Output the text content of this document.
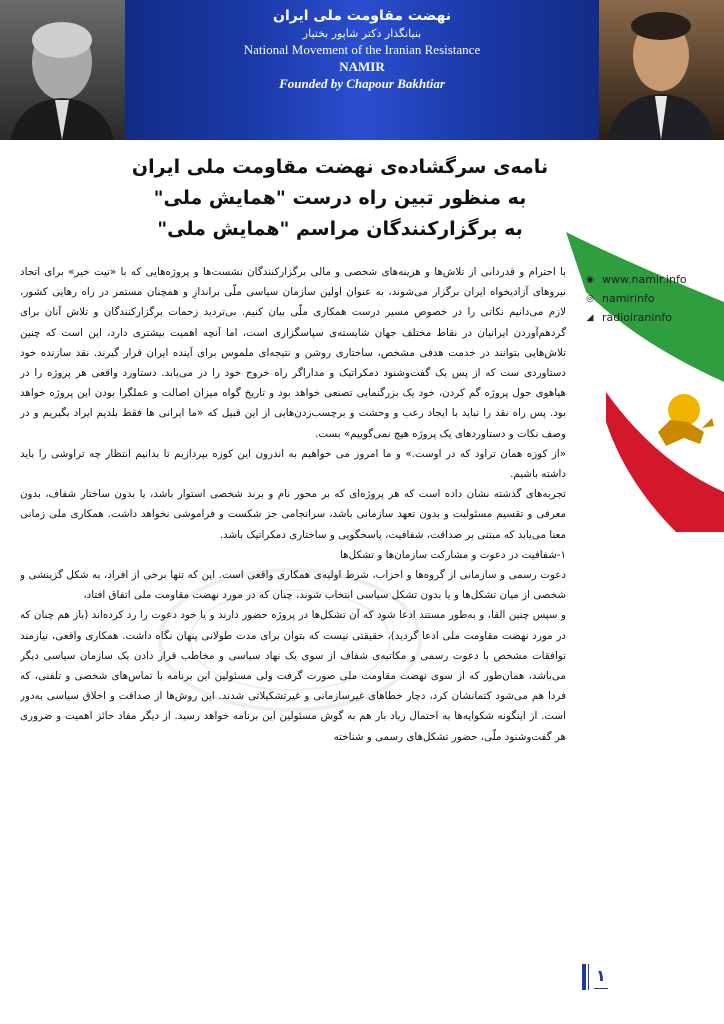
نهضت مقاومت ملی ایران
بنیانگذار دکتر شاپور بختیار
National Movement of the Iranian Resistance
NAMIR
Founded by Chapour Bakhtiar
نامه‌ی سرگشاده‌ی نهضت مقاومت ملی ایران
به منظور تبین راه درست "همایش ملی"
به برگزارکنندگان مراسم "همایش ملی"
◉ www.namir.info
◎ namirinfo
◢ radioiraninfo

با احترام و قدردانی از تلاش‌ها و هزینه‌های شخصی و مالی برگزارکنندگان نشست‌ها و پروژه‌هایی که با «نیت خیر» برای اتحاد نیروهای آزادیخواه ایران برگزار می‌شوند، به عنوان اولین سازمان سیاسی ملّی براندازِ و همچنان مستمر در راه رهایی کشور، لازم می‌دانیم نکاتی را در خصوص مسیر درست همکاری ملّی بیان کنیم. بی‌تردید زحمات برگزارکنندگان و تلاش آنان برای گردهم‌آوردن ایرانیان در نقاط مختلف جهان شایسته‌ی سپاسگزاری است، اما آنچه اهمیت بیشتری دارد، این است که چنین تلاش‌هایی بتوانند در خدمت هدفی مشخص، ساختاری روشن و نتیجه‌ای ملموس برای آینده ایران قرار گیرند. نقد سازنده خود دستاوردی ست که از پس یک گفت‌وشنود دمکراتیک و مداراگر راه خروج خود را در می‌یابد. دستاورد واقعی هر پروژه را در هیاهوی حول پروژه گم کردن، خود یک بزرگنمایی تصنعی خواهد بود و تاریخ گواه میزان اصالت و عملگرا بودن این پروژه خواهد بود. پس راه نقد را نباید با ایجاد رعب و وحشت و برچسب‌زدن‌هایی از این قبیل که «ما ایرانی ها فقط بلدیم ایراد بگیریم و در وصف نکات و دستاوردهای یک پروژه هیچ نمی‌گوییم» بست.

«از کوزه همان تراود که در اوست.» و ما امروز می خواهیم به اندرون این کوزه بپردازیم تا بدانیم انتظار چه تراوشی را باید داشته باشیم.

تجربه‌های گذشته نشان داده است که هر پروژه‌ای که بر محور نام و برند شخصی استوار باشد، یا بدون ساختار شفاف، بدون معرفی و تقسیم مسئولیت و بدون تعهد سازمانی باشد، سرانجامی جز شکست و فراموشی نخواهد داشت. همکاری ملی زمانی معنا می‌یابد که مبتنی بر صداقت، شفافیت، پاسخگویی و ساختاری دمکراتیک باشد.

۱-شفافیت در دعوت و مشارکت سازمان‌ها و تشکل‌ها

دعوت رسمی و سازمانی از گروه‌ها و احزاب، شرط اولیه‌ی همکاری واقعی است. این که تنها برخی از افراد، به شکل گزینشی و شخصی از میان تشکل‌ها و یا بدون تشکل سیاسی انتخاب شوند، چنان که در مورد نهضت مقاومت ملی اتفاق افتاد،

و سپس چنین القا، و به‌طور مستند ادعا شود که آن تشکل‌ها در پروژه حضور دارند و یا خود دعوت را رد کرده‌اند (باز هم چنان که در مورد نهضت مقاومت ملی ادعا گردید)، حقیقتی نیست که بتوان برای مدت طولانی پنهان نگاه داشت. همکاری واقعی، نیازمند توافقات مشخص با دعوت رسمی و مکاتبه‌ی شفاف از سوی یک نهاد سیاسی و مخاطب قرار دادن یک سازمان سیاسی دیگر می‌باشد، همان‌طور که از سوی نهضت مقاومت ملی صورت گرفت ولی مسئولین این برنامه با تماس‌های شخصی و تلفنی، که فردا هم می‌شود کتمانشان کرد، دچار خطاهای غیرسازمانی و غیرتشکیلاتی شدند. این روش‌ها از صداقت و اخلاق سیاسی به‌دور است. از اینگونه شکوایه‌ها به احتمال زیاد بار هم به گوش مسئولین این برنامه خواهد رسید. از دیگر مفاد حائز اهمیت و ضروری هر گفت‌وشنود ملّی، حضور تشکل‌های رسمی و شناخته

۱
